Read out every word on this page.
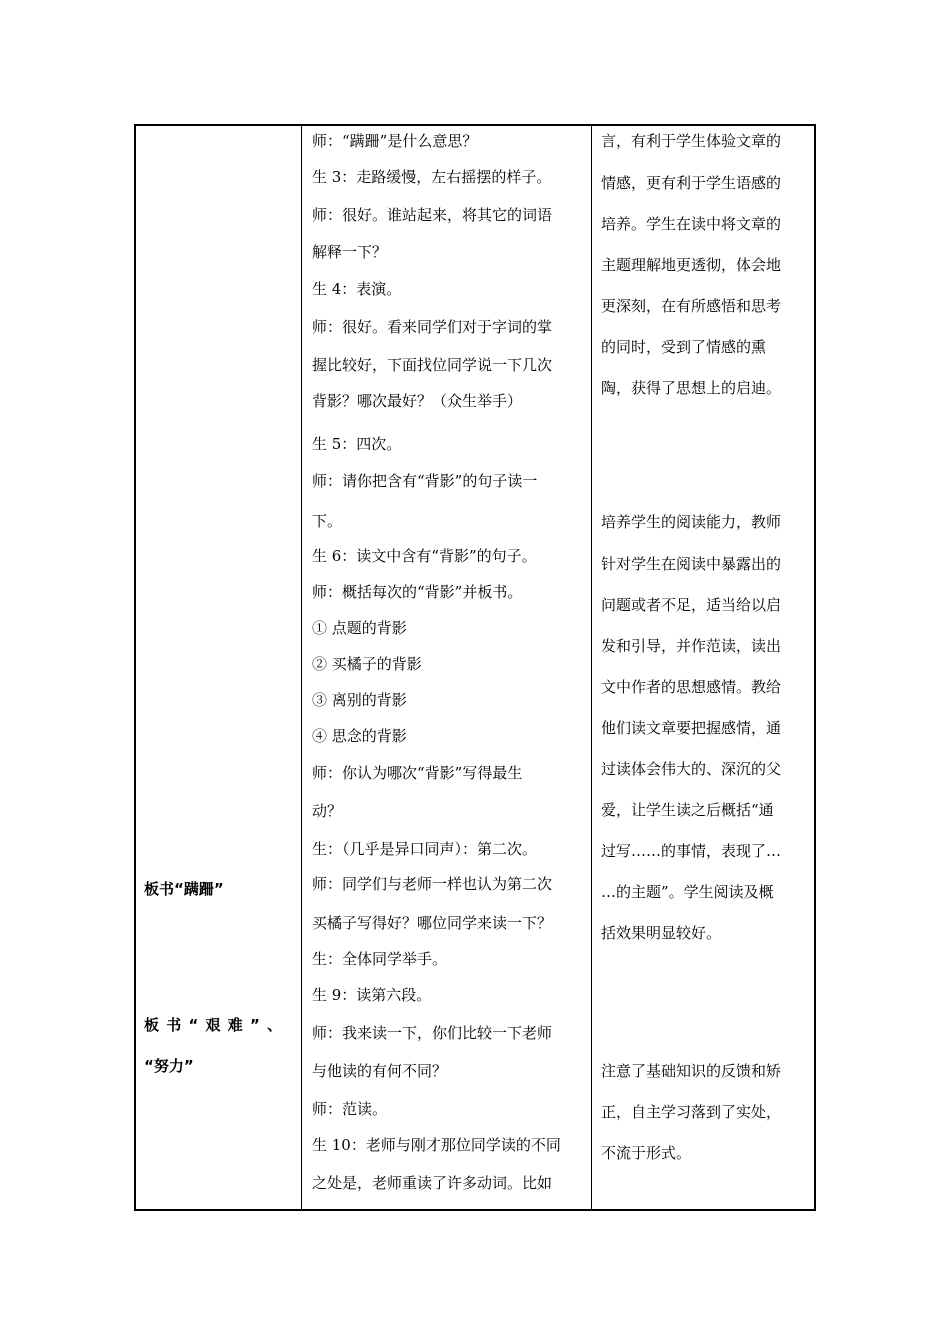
板书“蹒跚”
板 书 “ 艰 难 ” 、
“努力”
师：“蹒跚”是什么意思？
生 3：走路缓慢，左右摇摆的样子。
师：很好。谁站起来，将其它的词语
解释一下？
生 4：表演。
师：很好。看来同学们对于字词的掌
握比较好，下面找位同学说一下几次
背影？哪次最好？（众生举手）
生 5：四次。
师：请你把含有“背影”的句子读一
下。
生 6：读文中含有“背影”的句子。
师：概括每次的“背影”并板书。
① 点题的背影
② 买橘子的背影
③ 离别的背影
④ 思念的背影
师：你认为哪次“背影”写得最生
动？
生：（几乎是异口同声）：第二次。
师：同学们与老师一样也认为第二次
买橘子写得好？哪位同学来读一下？
生：全体同学举手。
生 9：读第六段。
师：我来读一下，你们比较一下老师
与他读的有何不同？
师：范读。
生 10：老师与刚才那位同学读的不同
之处是，老师重读了许多动词。比如
言，有利于学生体验文章的
情感，更有利于学生语感的
培养。学生在读中将文章的
主题理解地更透彻，体会地
更深刻，在有所感悟和思考
的同时，受到了情感的熏
陶，获得了思想上的启迪。
培养学生的阅读能力，教师
针对学生在阅读中暴露出的
问题或者不足，适当给以启
发和引导，并作范读，读出
文中作者的思想感情。教给
他们读文章要把握感情，通
过读体会伟大的、深沉的父
爱，让学生读之后概括“通
过写……的事情，表现了…
…的主题”。学生阅读及概
括效果明显较好。
注意了基础知识的反馈和矫
正，自主学习落到了实处，
不流于形式。
